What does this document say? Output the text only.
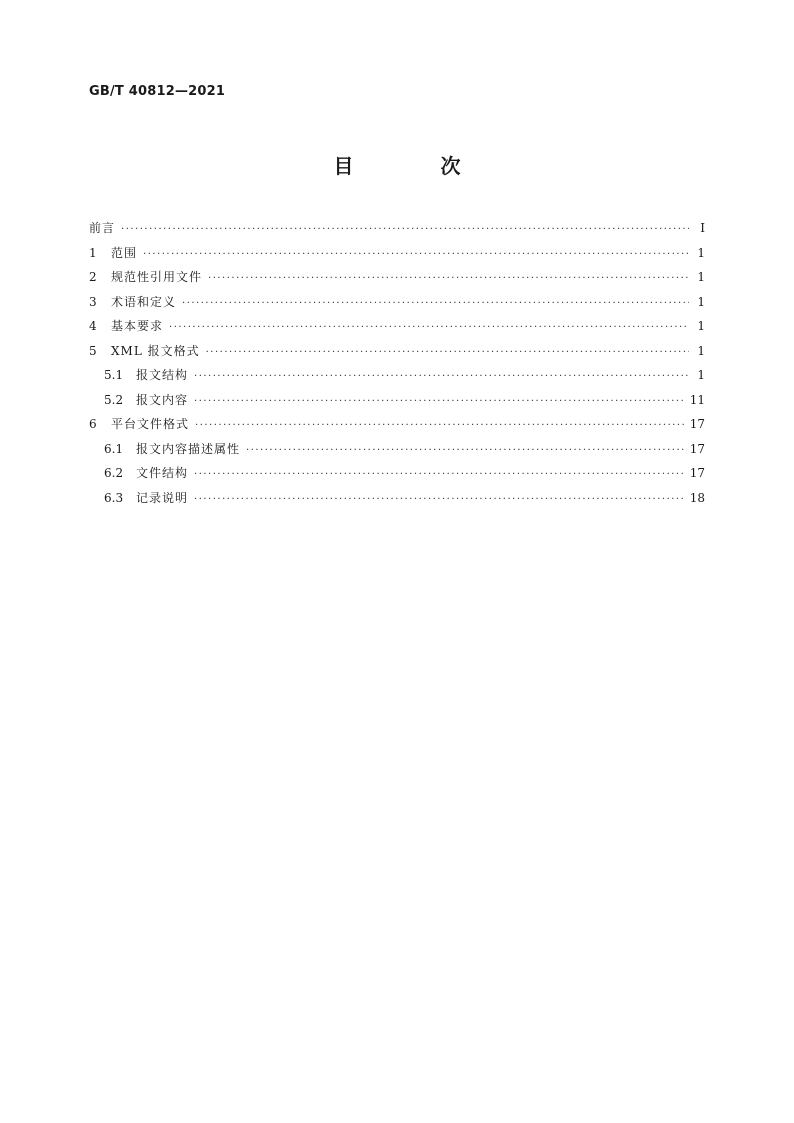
GB/T 40812—2021
目 次
前言 ·····	Ⅰ
1	范围 ·····	1
2	规范性引用文件 ·····	1
3	术语和定义 ·····	1
4	基本要求 ·····	1
5	XML 报文格式 ·····	1
5.1	报文结构 ·····	1
5.2	报文内容 ·····	11
6	平台文件格式 ·····	17
6.1	报文内容描述属性 ·····	17
6.2	文件结构 ·····	17
6.3	记录说明 ·····	18
